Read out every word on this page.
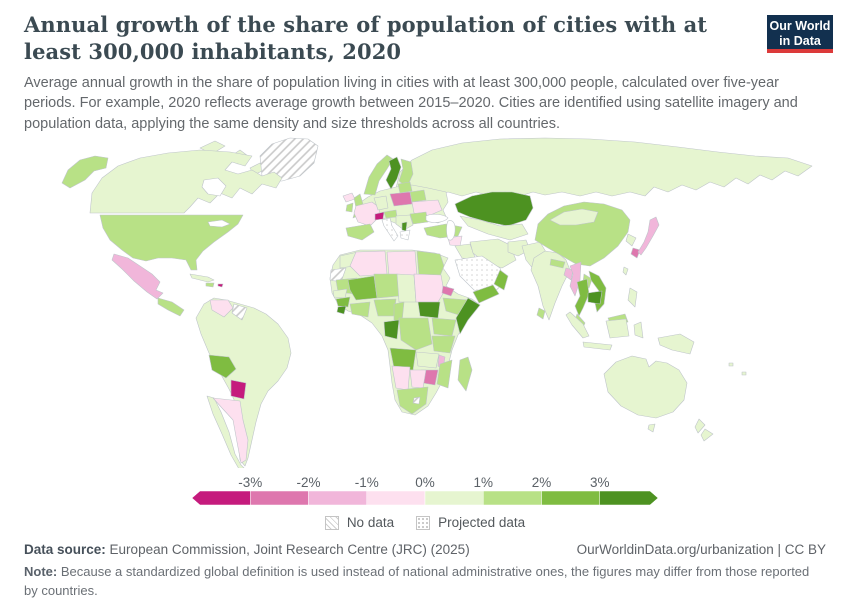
Annual growth of the share of population of cities with at least 300,000 inhabitants, 2020
Our World
in Data

Average annual growth in the share of population living in cities with at least 300,000 people, calculated over five-year periods. For example, 2020 reflects average growth between 2015–2020. Cities are identified using satellite imagery and population data, applying the same density and size thresholds across all countries.

-3%	-2%	-1%	0%	1%	2%	3%
No data	Projected data
Data source: European Commission, Joint Research Centre (JRC) (2025)	OurWorldinData.org/urbanization | CC BY
Note: Because a standardized global definition is used instead of national administrative ones, the figures may differ from those reported by countries.
